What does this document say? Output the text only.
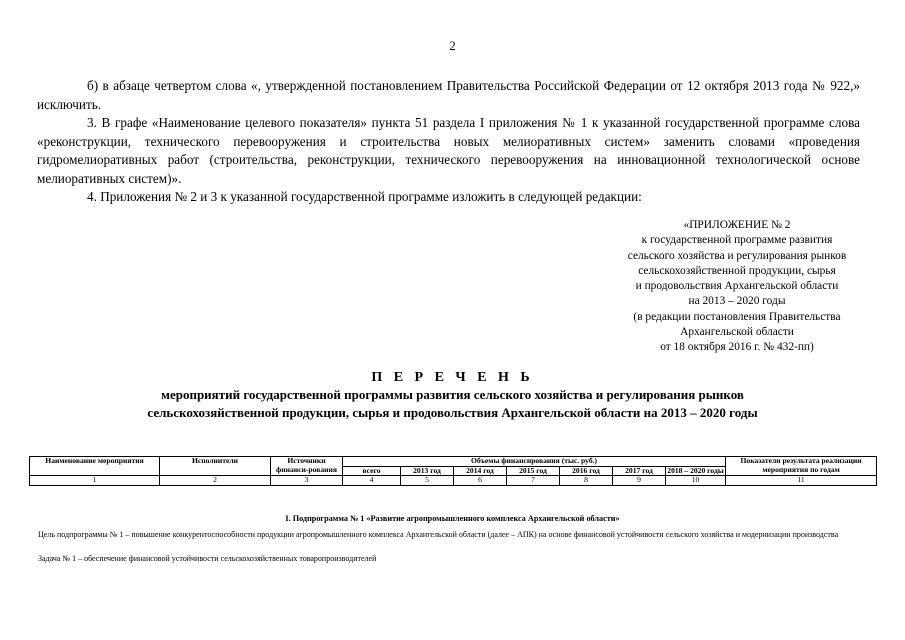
2

б) в абзаце четвертом слова «, утвержденной постановлением Правительства Российской Федерации от 12 октября 2013 года № 922,» исключить.

3. В графе «Наименование целевого показателя» пункта 51 раздела I приложения № 1 к указанной государственной программе слова «реконструкции, технического перевооружения и строительства новых мелиоративных систем» заменить словами «проведения гидромелиоративных работ (строительства, реконструкции, технического перевооружения на инновационной технологической основе мелиоративных систем)».

4. Приложения № 2 и 3 к указанной государственной программе изложить в следующей редакции:

«ПРИЛОЖЕНИЕ № 2
к государственной программе развития
сельского хозяйства и регулирования рынков
сельскохозяйственной продукции, сырья
и продовольствия Архангельской области
на 2013 – 2020 годы
(в редакции постановления Правительства
Архангельской области
от 18 октября 2016 г. № 432-пп)
П Е Р Е Ч Е Н Ь
мероприятий государственной программы развития сельского хозяйства и регулирования рынков
сельскохозяйственной продукции, сырья и продовольствия Архангельской области на 2013 – 2020 годы
Наименование мероприятия	Исполнители	Источники финанси-рования	Объемы финансирования (тыс. руб.)							Показатели результата реализации мероприятия по годам
			всего	2013 год	2014 год	2015 год	2016 год	2017 год	2018 – 2020 годы	
1	2	3	4	5	6	7	8	9	10	11
I. Подпрограмма № 1 «Развитие агропромышленного комплекса Архангельской области»

Цель подпрограммы № 1 – повышение конкурентоспособности продукции агропромышленного комплекса Архангельской области (далее – АПК) на основе финансовой устойчивости сельского хозяйства и модернизации производства

Задача № 1 – обеспечение финансовой устойчивости сельскохозяйственных товаропроизводителей
